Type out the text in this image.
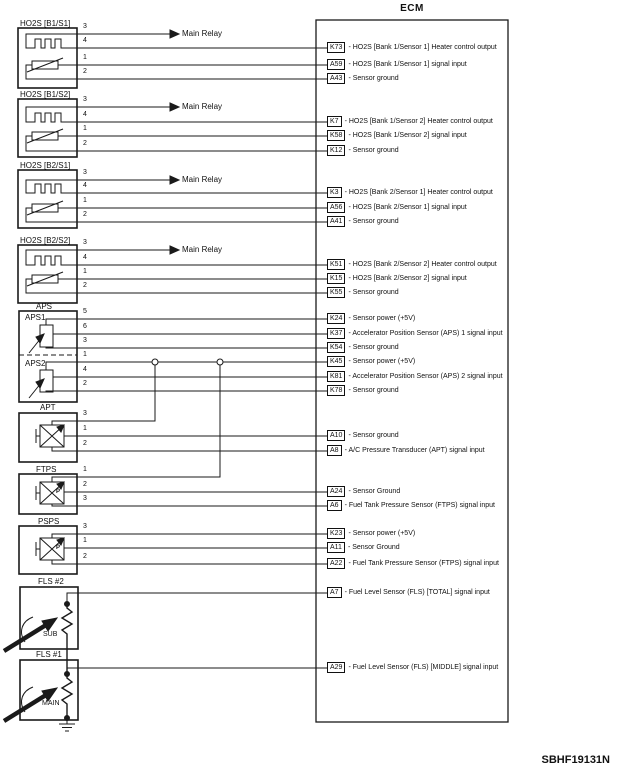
ECM
SBHF19131N
HO2S [B1/S1]
HO2S [B1/S2]
HO2S [B2/S1]
HO2S [B2/S2]
APS
APS1
APS2
APT
FTPS
PSPS
FLS #2
FLS #1
SUB
MAIN
P
P
Main Relay
Main Relay
Main Relay
Main Relay
3
4
1
2
3
4
1
2
3
4
1
2
3
4
1
2
5
6
3
1
4
2
3
1
2
1
2
3
3
1
2
K73 - HO2S [Bank 1/Sensor 1] Heater control output
A59 - HO2S [Bank 1/Sensor 1] signal input
A43 - Sensor ground
K7 - HO2S [Bank 1/Sensor 2] Heater control output
K58 - HO2S [Bank 1/Sensor 2] signal input
K12 - Sensor ground
K3 - HO2S [Bank 2/Sensor 1] Heater control output
A56 - HO2S [Bank 2/Sensor 1] signal input
A41 - Sensor ground
K51 - HO2S [Bank 2/Sensor 2] Heater control output
K15 - HO2S [Bank 2/Sensor 2] signal input
K55 - Sensor ground
K24 - Sensor power (+5V)
K37 - Accelerator Position Sensor (APS) 1 signal input
K54 - Sensor ground
K45 - Sensor power (+5V)
K81 - Accelerator Position Sensor (APS) 2 signal input
K78 - Sensor ground
A10 - Sensor ground
A8 - A/C Pressure Transducer (APT) signal input
A24 - Sensor Ground
A6 - Fuel Tank Pressure Sensor (FTPS) signal input
K23 - Sensor power (+5V)
A11 - Sensor Ground
A22 - Fuel Tank Pressure Sensor (FTPS) signal input
A7 - Fuel Level Sensor (FLS) [TOTAL] signal input
A29 - Fuel Level Sensor (FLS) [MIDDLE] signal input
